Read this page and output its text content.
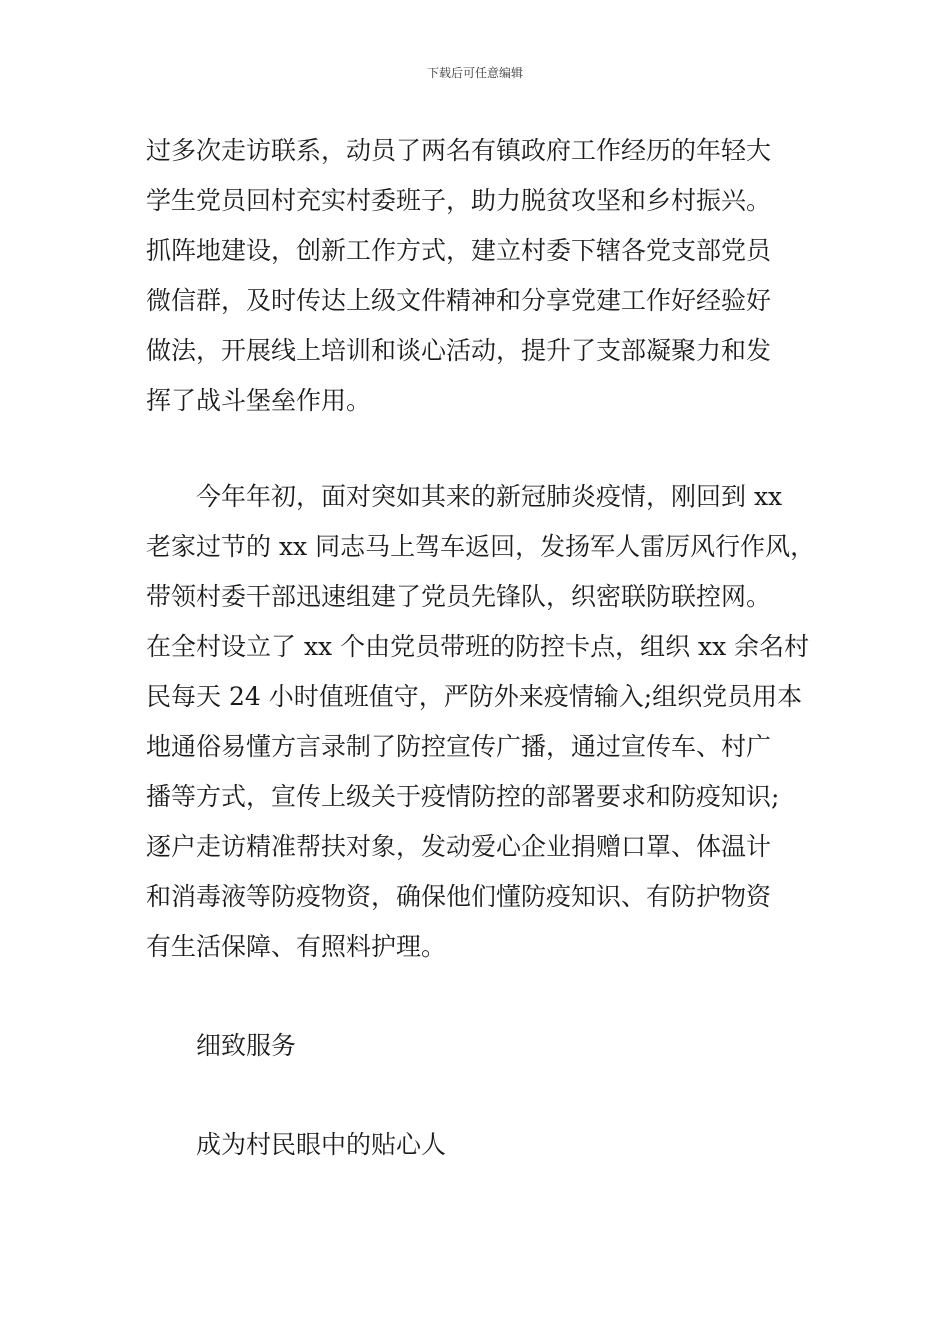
下载后可任意编辑
过多次走访联系，动员了两名有镇政府工作经历的年轻大
学生党员回村充实村委班子，助力脱贫攻坚和乡村振兴。
抓阵地建设，创新工作方式，建立村委下辖各党支部党员
微信群，及时传达上级文件精神和分享党建工作好经验好
做法，开展线上培训和谈心活动，提升了支部凝聚力和发
挥了战斗堡垒作用。
今年年初，面对突如其来的新冠肺炎疫情，刚回到 xx
老家过节的 xx 同志马上驾车返回，发扬军人雷厉风行作风，
带领村委干部迅速组建了党员先锋队，织密联防联控网。
在全村设立了 xx 个由党员带班的防控卡点，组织 xx 余名村
民每天 24 小时值班值守，严防外来疫情输入;组织党员用本
地通俗易懂方言录制了防控宣传广播，通过宣传车、村广
播等方式，宣传上级关于疫情防控的部署要求和防疫知识;
逐户走访精准帮扶对象，发动爱心企业捐赠口罩、体温计
和消毒液等防疫物资，确保他们懂防疫知识、有防护物资
有生活保障、有照料护理。
细致服务
成为村民眼中的贴心人
